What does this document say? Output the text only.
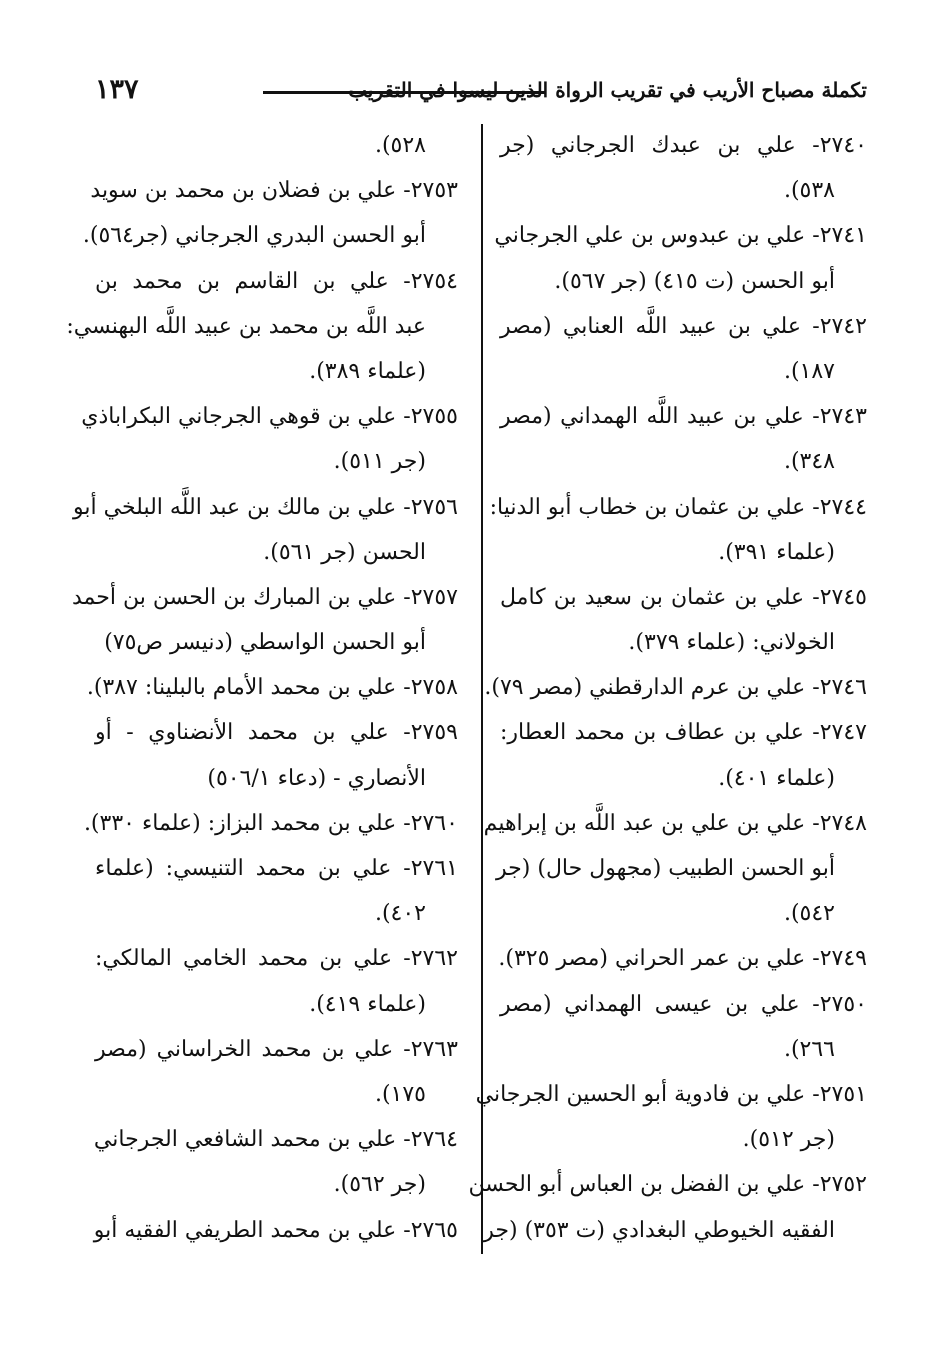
١٣٧	تكملة مصباح الأريب في تقريب الرواة الذين ليسوا في التقريب
٢٧٤٠- علي بن عبدك الجرجاني (جر
٥٣٨).
٢٧٤١- علي بن عبدوس بن علي الجرجاني
أبو الحسن (ت ٤١٥) (جر ٥٦٧).
٢٧٤٢- علي بن عبيد اللَّه العنابي (مصر
١٨٧).
٢٧٤٣- علي بن عبيد اللَّه الهمداني (مصر
٣٤٨).
٢٧٤٤- علي بن عثمان بن خطاب أبو الدنيا:
(علماء ٣٩١).
٢٧٤٥- علي بن عثمان بن سعيد بن كامل
الخولاني: (علماء ٣٧٩).
٢٧٤٦- علي بن عرم الدارقطني (مصر ٧٩).
٢٧٤٧- علي بن عطاف بن محمد العطار:
(علماء ٤٠١).
٢٧٤٨- علي بن علي بن عبد اللَّه بن إبراهيم
أبو الحسن الطبيب (مجهول حال) (جر
٥٤٢).
٢٧٤٩- علي بن عمر الحراني (مصر ٣٢٥).
٢٧٥٠- علي بن عيسى الهمداني (مصر
٢٦٦).
٢٧٥١- علي بن فادوية أبو الحسين الجرجاني
(جر ٥١٢).
٢٧٥٢- علي بن الفضل بن العباس أبو الحسن
الفقيه الخيوطي البغدادي (ت ٣٥٣) (جر
٥٢٨).
٢٧٥٣- علي بن فضلان بن محمد بن سويد
أبو الحسن البدري الجرجاني (جر٥٦٤).
٢٧٥٤- علي بن القاسم بن محمد بن
عبد اللَّه بن محمد بن عبيد اللَّه البهنسي:
(علماء ٣٨٩).
٢٧٥٥- علي بن قوهي الجرجاني البكراباذي
(جر ٥١١).
٢٧٥٦- علي بن مالك بن عبد اللَّه البلخي أبو
الحسن (جر ٥٦١).
٢٧٥٧- علي بن المبارك بن الحسن بن أحمد
أبو الحسن الواسطي (دنيسر ص٧٥)
٢٧٥٨- علي بن محمد الأمام بالبلينا: ٣٨٧).
٢٧٥٩- علي بن محمد الأنضناوي - أو
الأنصاري - (دعاء ٥٠٦/١)
٢٧٦٠- علي بن محمد البزاز: (علماء ٣٣٠).
٢٧٦١- علي بن محمد التنيسي: (علماء
٤٠٢).
٢٧٦٢- علي بن محمد الخامي المالكي:
(علماء ٤١٩).
٢٧٦٣- علي بن محمد الخراساني (مصر
١٧٥).
٢٧٦٤- علي بن محمد الشافعي الجرجاني
(جر ٥٦٢).
٢٧٦٥- علي بن محمد الطريفي الفقيه أبو
